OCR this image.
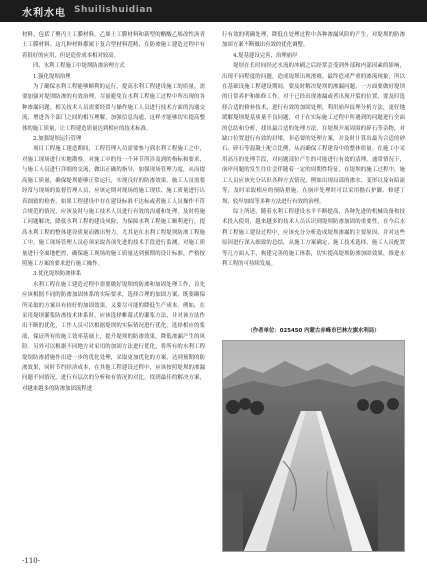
水利水电 Shuilishuidian

材料，包括了聚丙土工膜材料，乙烯土工膜材料和新型的醋酸乙烯改性沥青土工膜材料。这几种材料都属于复合型材料范畴，在防渗施工建造过程中有着很好的应用，但是造价成本相对较高。

四、水利工程施工中堤坝防渗治理方式
1.强化堤坝治理

为了确保水利工程能够顺利的运行，提高水利工程建设施工的质量，需要加强对堤坝防渗的有效治理，尽量避免在水利工程施工过程中所出现的各种渗漏问题。相关技术人员需要经常与操作施工人员进行技术方面的沟通交流，增进各个部门之间的相互理解，加强信息沟通，这样才能够切实提高整体的施工质量，让工程建造质量达到相应的技术标准。

2.加强堤坝运行管理

项目工程施工建造期间，工程管理人员需要参与到水利工程施工之中，对施工现场进行实地勘察，对施工中的每一个环节所涉及到的指标和要求，与施工人员进行详细的交流，做出正确的指导，加强现场管理力度，从而提高施工质量，确保堤坝能够正常运行，实现良好的防渗效果。施工人员需要经常与现场的监督管理人员，应该定期对现场的施工现状、施工质量进行认真细致的检查，如果工程建设中存在建设标准不达标或者施工人员操作不符合规范的情况，应该及时与施工技术人员进行有效的沟通和处理，及时将施工问题解决，降低水利工程的建设风险，为保障水利工程施工顺利进行，提高水利工程的整体建设质量而做出努力。尤其是在水利工程堤坝防渗工程施工中，施工现场管理人员必须采取各项先进的技术手段进行监测，对施工质量进行全面地把控，确保施工现场的施工质量达到预期的设计标准，严格按照施工方案的要求进行施工操作。

3.优化堤坝防渗体系

水利工程在施工建造过程中需要做好堤坝的防渗和加固处理工作，首先应该根据不同的防渗加固体系的实际要求，选择合理的加固方案，既要确保所采取的方案具有较好的加固效果，又要尽可能的降低生产成本。例如，在采用堤坝灌浆防渗技术体系时，应该选择帷幕式的灌浆方法，并对该方法作出不断的优化，工作人员可以根据堤坝的实际情况进行优化，选择相应的浆液，保证所有的施工效率基础上，提升堤坝的防渗效果，降低渗漏产生的风险。另外可以根据不同地方对采用的加固方法进行优化，将所有的水利工程堤坝防渗措施作出进一步的优化处理，采取更加优化的方案，达到预期的防渗效果，同时节约经济成本，在其他工程建设过程中，应该按照堤坝的渗漏问题不同情况，进行有层次的分析和有情况的对比，找到最佳的解决方案，对越来越多的防渗加固流程进

行有效的明确处理，降低在处理过程中各种渗漏风险的产生，对堤坝的防渗加固方案不断做出有效的优化调整。

4.堤基建设完善，治理崩岸

堤坝在长时间经过水流的冲刷之后经常会受到外部和内部因素的影响，出现不同程度的问题，造成堤坝出现滑坡、最终造成严重的渗流现象，所以在基础设施工程建设期间，要及时解决堤坝的渗漏问题，一方面要做好堤坝的日常养护和维修工作，对于已经出现渗漏或者出现开裂的位置，要及时选择合适的修补技术，进行有效的加固处理，利用崩岸纹理分析方法，更好地缓解堤坝堤基质量不良问题，对于在实际施工过程中所遇到的问题进行全面的总结和分析，找出最合适的处理方法，在堤坝开展周围的碎石等杂物，对缺口位置进行有效的封堵，非必要的处理方案，并及时计算出最为合适的砂石、碎石等混凝土配合比例，从而确保工程建设中的整体质量。在施工中采用高压的处理手段，对问题部位产生的可能进行有效的清理，通常情况下，崩岸问题的发生往往会伴随着一定的周期性特征，在堤坝的施工过程中，施工人员应该充分认识各种方式情况，例如出现局部的渗水、变形以及有暗流等，及时采取相应的预防措施，在崩岸处理时可以采用抛石护脚、修建丁坝、驳岸加固等多种方法进行有效的治理。

综上所述，随着水利工程建设水平不断提高，各种先进的机械设备和技术投入使用，越来越多的技术人员认识到堤坝防渗加固的重要性，在今后水利工程施工建设过程中，应该充分分析造成堤坝渗漏的主要原因，并对这些原因进行深入细致的总结，从施工方案确定、施工技术选择、施工人员配置等几方面入手，构建完善的施工体系，切实提高堤坝防渗加固效果，推进水利工程的可持续发展。

（作者单位：025450 内蒙古赤峰市巴林左旗水利局）
-110-
